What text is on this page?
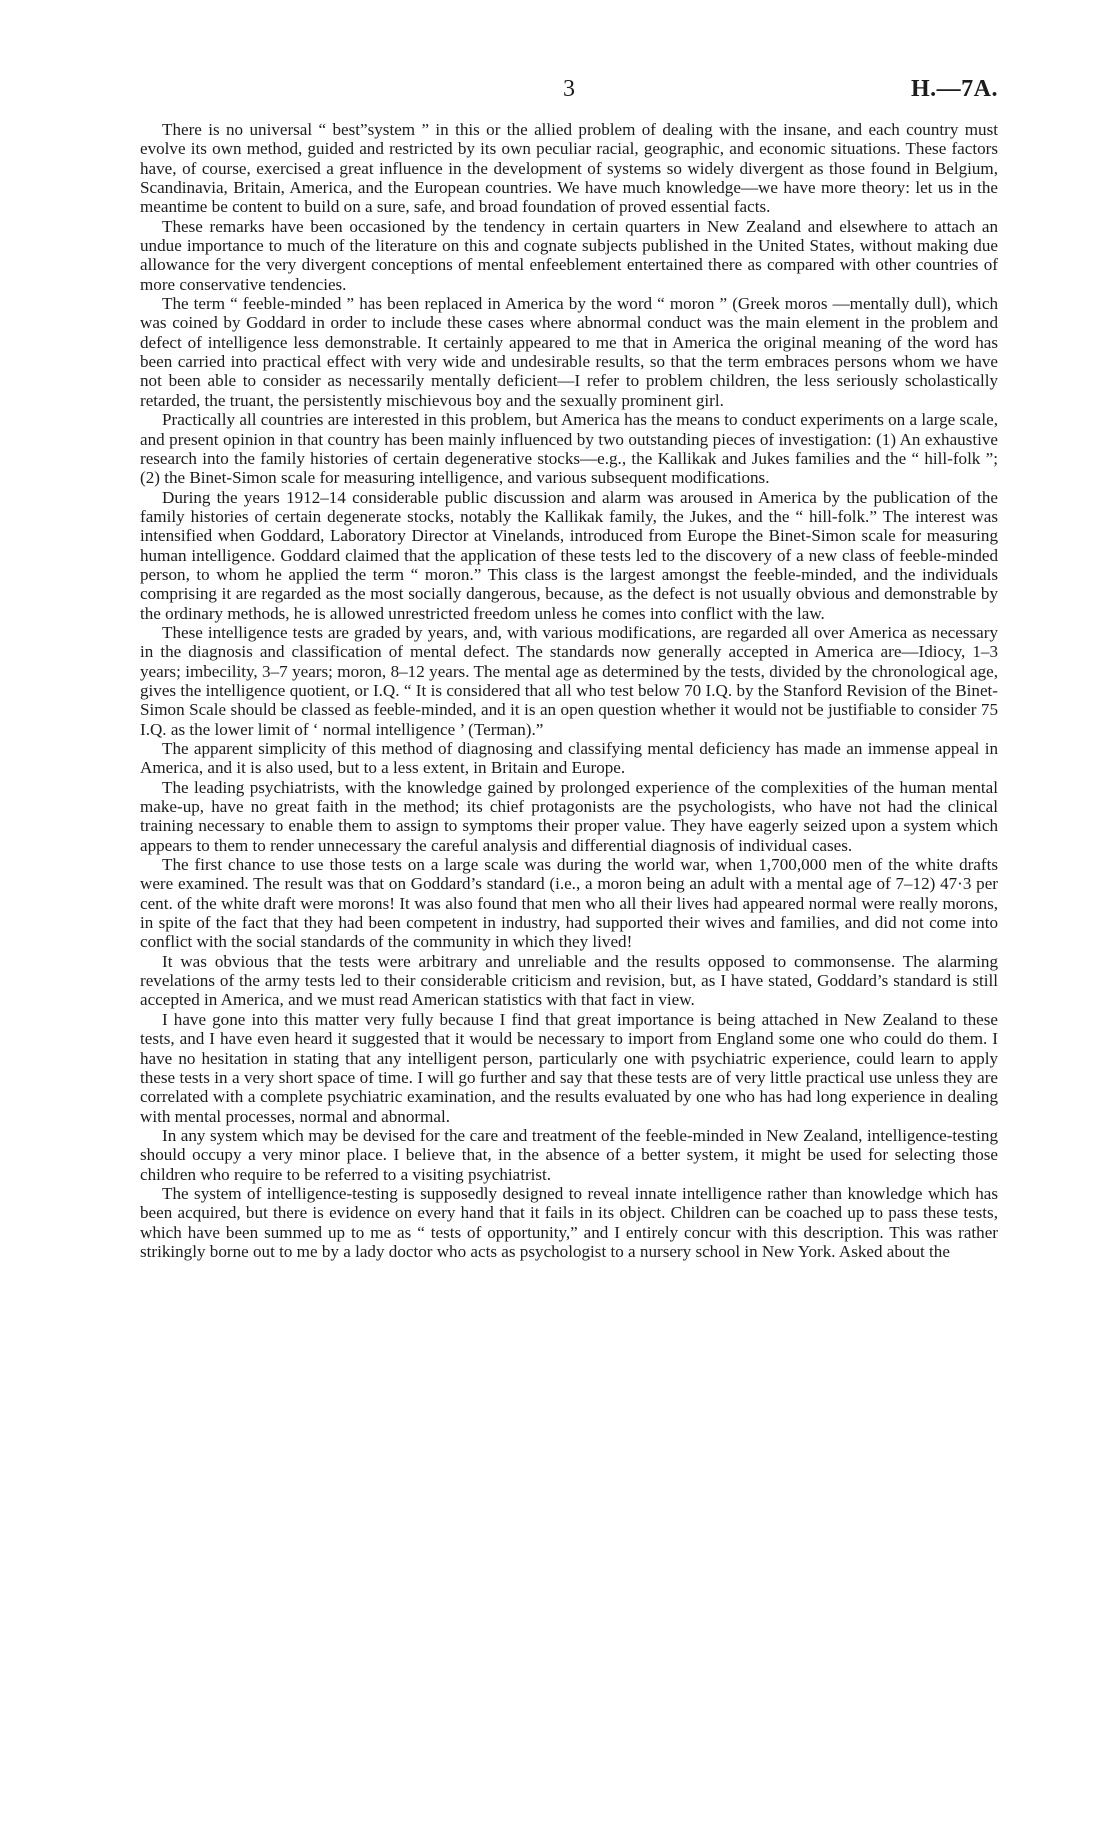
3	H.—7A.

There is no universal “ best”system ” in this or the allied problem of dealing with the insane, and each country must evolve its own method, guided and restricted by its own peculiar racial, geographic, and economic situations. These factors have, of course, exercised a great influence in the development of systems so widely divergent as those found in Belgium, Scandinavia, Britain, America, and the European countries. We have much knowledge—we have more theory: let us in the meantime be content to build on a sure, safe, and broad foundation of proved essential facts.

These remarks have been occasioned by the tendency in certain quarters in New Zealand and elsewhere to attach an undue importance to much of the literature on this and cognate subjects published in the United States, without making due allowance for the very divergent conceptions of mental enfeeblement entertained there as compared with other countries of more conservative tendencies.

The term “ feeble-minded ” has been replaced in America by the word “ moron ” (Greek moros —mentally dull), which was coined by Goddard in order to include these cases where abnormal conduct was the main element in the problem and defect of intelligence less demonstrable. It certainly appeared to me that in America the original meaning of the word has been carried into practical effect with very wide and undesirable results, so that the term embraces persons whom we have not been able to consider as necessarily mentally deficient—I refer to problem children, the less seriously scholastically retarded, the truant, the persistently mischievous boy and the sexually prominent girl.

Practically all countries are interested in this problem, but America has the means to conduct experiments on a large scale, and present opinion in that country has been mainly influenced by two outstanding pieces of investigation: (1) An exhaustive research into the family histories of certain degenerative stocks—e.g., the Kallikak and Jukes families and the “ hill-folk ”; (2) the Binet-Simon scale for measuring intelligence, and various subsequent modifications.

During the years 1912–14 considerable public discussion and alarm was aroused in America by the publication of the family histories of certain degenerate stocks, notably the Kallikak family, the Jukes, and the “ hill-folk.” The interest was intensified when Goddard, Laboratory Director at Vinelands, introduced from Europe the Binet-Simon scale for measuring human intelligence. Goddard claimed that the application of these tests led to the discovery of a new class of feeble-minded person, to whom he applied the term “ moron.” This class is the largest amongst the feeble-minded, and the individuals comprising it are regarded as the most socially dangerous, because, as the defect is not usually obvious and demonstrable by the ordinary methods, he is allowed unrestricted freedom unless he comes into conflict with the law.

These intelligence tests are graded by years, and, with various modifications, are regarded all over America as necessary in the diagnosis and classification of mental defect. The standards now generally accepted in America are—Idiocy, 1–3 years; imbecility, 3–7 years; moron, 8–12 years. The mental age as determined by the tests, divided by the chronological age, gives the intelligence quotient, or I.Q. “ It is considered that all who test below 70 I.Q. by the Stanford Revision of the Binet-Simon Scale should be classed as feeble-minded, and it is an open question whether it would not be justifiable to consider 75 I.Q. as the lower limit of ‘ normal intelligence ’ (Terman).”

The apparent simplicity of this method of diagnosing and classifying mental deficiency has made an immense appeal in America, and it is also used, but to a less extent, in Britain and Europe.

The leading psychiatrists, with the knowledge gained by prolonged experience of the complexities of the human mental make-up, have no great faith in the method; its chief protagonists are the psychologists, who have not had the clinical training necessary to enable them to assign to symptoms their proper value. They have eagerly seized upon a system which appears to them to render unnecessary the careful analysis and differential diagnosis of individual cases.

The first chance to use those tests on a large scale was during the world war, when 1,700,000 men of the white drafts were examined. The result was that on Goddard’s standard (i.e., a moron being an adult with a mental age of 7–12) 47·3 per cent. of the white draft were morons! It was also found that men who all their lives had appeared normal were really morons, in spite of the fact that they had been competent in industry, had supported their wives and families, and did not come into conflict with the social standards of the community in which they lived!

It was obvious that the tests were arbitrary and unreliable and the results opposed to commonsense. The alarming revelations of the army tests led to their considerable criticism and revision, but, as I have stated, Goddard’s standard is still accepted in America, and we must read American statistics with that fact in view.

I have gone into this matter very fully because I find that great importance is being attached in New Zealand to these tests, and I have even heard it suggested that it would be necessary to import from England some one who could do them. I have no hesitation in stating that any intelligent person, particularly one with psychiatric experience, could learn to apply these tests in a very short space of time. I will go further and say that these tests are of very little practical use unless they are correlated with a complete psychiatric examination, and the results evaluated by one who has had long experience in dealing with mental processes, normal and abnormal.

In any system which may be devised for the care and treatment of the feeble-minded in New Zealand, intelligence-testing should occupy a very minor place. I believe that, in the absence of a better system, it might be used for selecting those children who require to be referred to a visiting psychiatrist.

The system of intelligence-testing is supposedly designed to reveal innate intelligence rather than knowledge which has been acquired, but there is evidence on every hand that it fails in its object. Children can be coached up to pass these tests, which have been summed up to me as “ tests of opportunity,” and I entirely concur with this description. This was rather strikingly borne out to me by a lady doctor who acts as psychologist to a nursery school in New York. Asked about the
